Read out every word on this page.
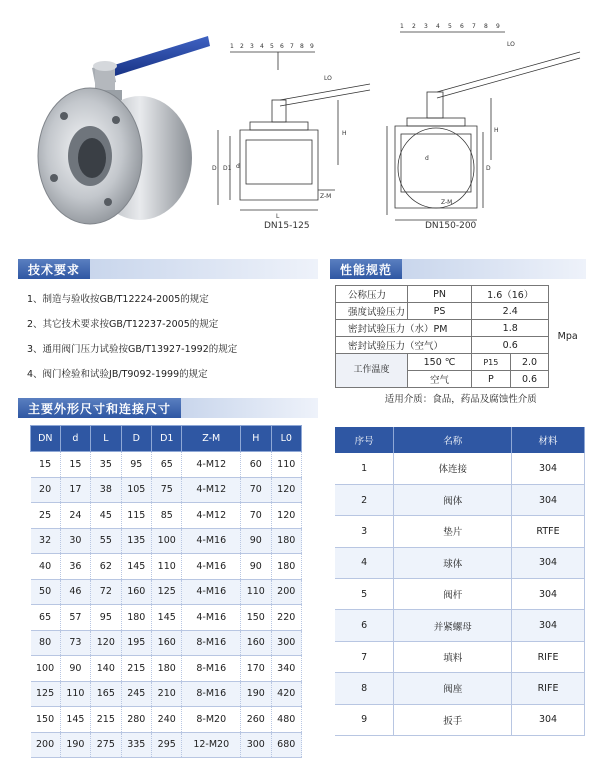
1 2 3 4 5 6 7 8 9
LO
H
D D1 d
Z-M
L
1 2 3 4 5 6 7 8 9
LO
H
D
d
Z-M
DN15-125	DN150-200
技术要求
1、制造与验收按GB/T12224-2005的规定
2、其它技术要求按GB/T12237-2005的规定
3、通用阀门压力试验按GB/T13927-1992的规定
4、阀门检验和试验JB/T9092-1999的规定
性能规范
公称压力	PN	1.6（16）		Mpa
强度试验压力	PS	2.4		
密封试验压力（水）PM		1.8		
密封试验压力（空气）		0.6		
工作温度	150 ℃	P15	2.0	
	空气	P	0.6	
适用介质：食品，药品及腐蚀性介质				
主要外形尺寸和连接尺寸
DN	d	L	D	D1	Z-M	H	L0
15	15	35	95	65	4-M12	60	110
20	17	38	105	75	4-M12	70	120
25	24	45	115	85	4-M12	70	120
32	30	55	135	100	4-M16	90	180
40	36	62	145	110	4-M16	90	180
50	46	72	160	125	4-M16	110	200
65	57	95	180	145	4-M16	150	220
80	73	120	195	160	8-M16	160	300
100	90	140	215	180	8-M16	170	340
125	110	165	245	210	8-M16	190	420
150	145	215	280	240	8-M20	260	480
200	190	275	335	295	12-M20	300	680
序号	名称	材料
1	体连接	304
2	阀体	304
3	垫片	RTFE
4	球体	304
5	阀杆	304
6	并紧螺母	304
7	填料	RIFE
8	阀座	RIFE
9	扳手	304
